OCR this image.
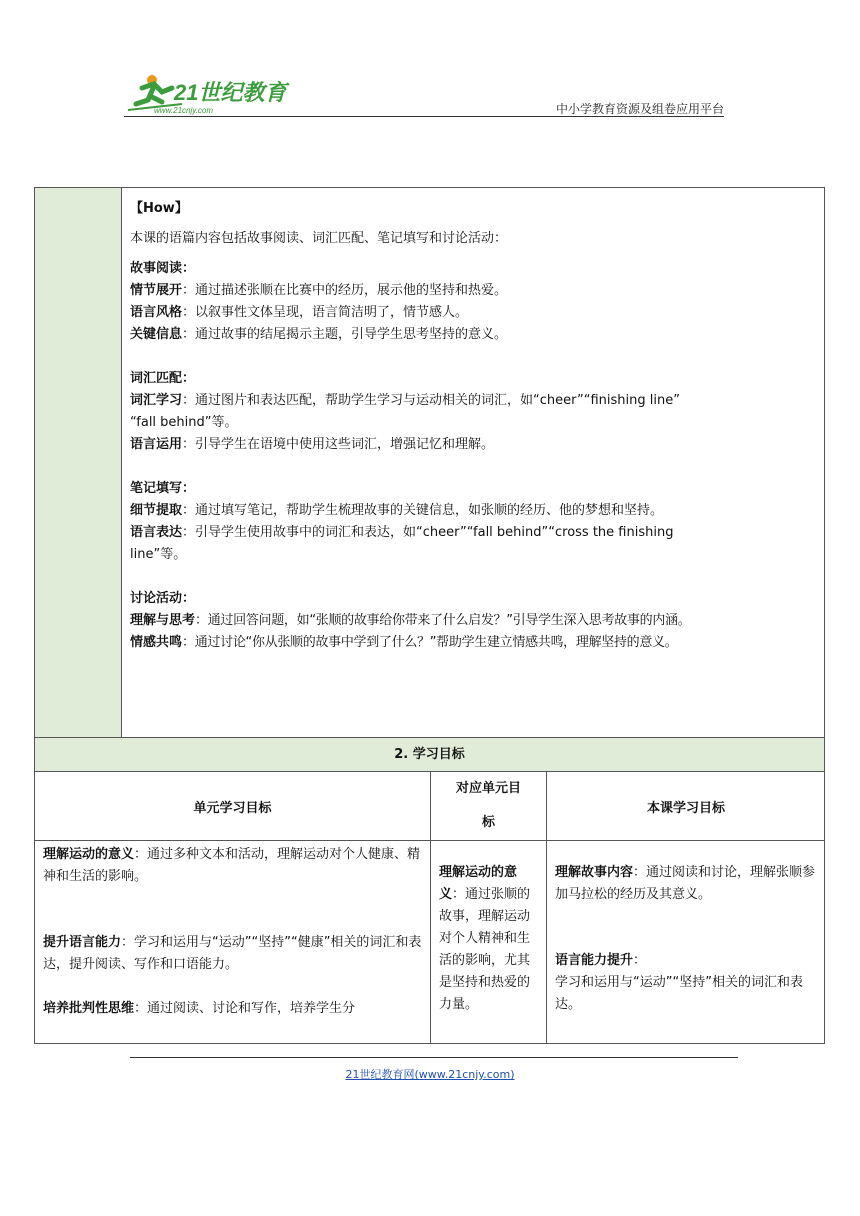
21世纪教育
www.21cnjy.com	中小学教育资源及组卷应用平台

【How】

本课的语篇内容包括故事阅读、词汇匹配、笔记填写和讨论活动：

故事阅读：

情节展开：通过描述张顺在比赛中的经历，展示他的坚持和热爱。

语言风格：以叙事性文体呈现，语言简洁明了，情节感人。

关键信息：通过故事的结尾揭示主题，引导学生思考坚持的意义。

词汇匹配：

词汇学习：通过图片和表达匹配，帮助学生学习与运动相关的词汇，如“cheer”“finishing line”

“fall behind”等。

语言运用：引导学生在语境中使用这些词汇，增强记忆和理解。

笔记填写：

细节提取：通过填写笔记，帮助学生梳理故事的关键信息，如张顺的经历、他的梦想和坚持。

语言表达：引导学生使用故事中的词汇和表达，如“cheer”“fall behind”“cross the finishing

line”等。

讨论活动：

理解与思考：通过回答问题，如“张顺的故事给你带来了什么启发？”引导学生深入思考故事的内涵。

情感共鸣：通过讨论“你从张顺的故事中学到了什么？”帮助学生建立情感共鸣，理解坚持的意义。

2. 学习目标
单元学习目标
对应单元目
标
本课学习目标

理解运动的意义：通过多种文本和活动，理解运动对个人健康、精神和生活的影响。

提升语言能力：学习和运用与“运动”“坚持”“健康”相关的词汇和表达，提升阅读、写作和口语能力。

培养批判性思维：通过阅读、讨论和写作，培养学生分

理解运动的意义：通过张顺的故事，理解运动对个人精神和生活的影响，尤其是坚持和热爱的力量。

理解故事内容：通过阅读和讨论，理解张顺参加马拉松的经历及其意义。

语言能力提升：

学习和运用与“运动”“坚持”相关的词汇和表达。

21世纪教育网(www.21cnjy.com)
